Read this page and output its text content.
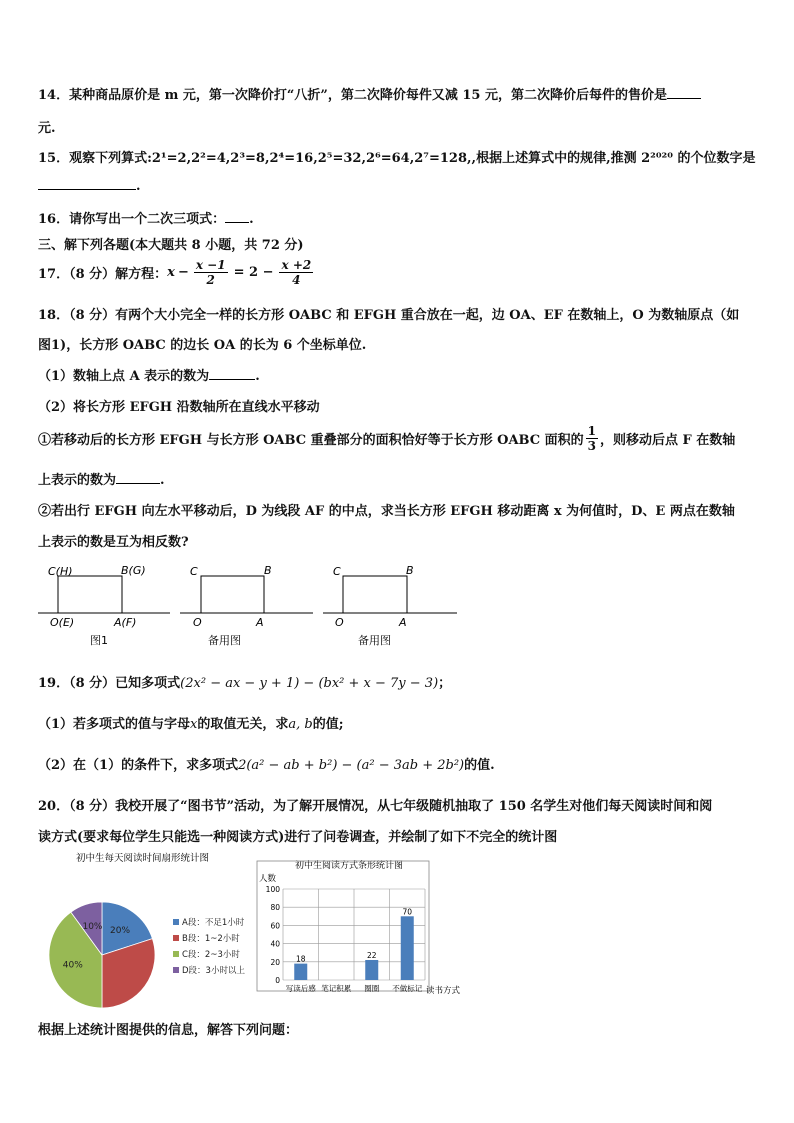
14．某种商品原价是 m 元，第一次降价打“八折”，第二次降价每件又减 15 元，第二次降价后每件的售价是
元.
15．观察下列算式:2¹=2,2²=4,2³=8,2⁴=16,2⁵=32,2⁶=64,2⁷=128,,根据上述算式中的规律,推测 2²⁰²⁰ 的个位数字是
.
16．请你写出一个二次三项式： .
三、解下列各题(本大题共 8 小题，共 72 分)
17．（8 分）解方程： $x - \frac{x -1}{2} = 2 - \frac{x +2}{4}$
18．（8 分）有两个大小完全一样的长方形 OABC 和 EFGH 重合放在一起，边 OA、EF 在数轴上，O 为数轴原点（如
图1)，长方形 OABC 的边长 OA 的长为 6 个坐标单位.
（1）数轴上点 A 表示的数为	.
（2）将长方形 EFGH 沿数轴所在直线水平移动
①若移动后的长方形 EFGH 与长方形 OABC 重叠部分的面积恰好等于长方形 OABC 面积的 $\frac{1}{3}$ ，则移动后点 F 在数轴
上表示的数为	.
②若出行 EFGH 向左水平移动后，D 为线段 AF 的中点，求当长方形 EFGH 移动距离 x 为何值时，D、E 两点在数轴
上表示的数是互为相反数?
C(H)	B(G)
O(E)	A(F)
图1
C	B
O	A
备用图
C	B
O	A
备用图
19．（8 分）已知多项式(2x² − ax − y + 1) − (bx² + x − 7y − 3)；
（1）若多项式的值与字母x的取值无关，求a, b的值;
（2）在（1）的条件下，求多项式2(a² − ab + b²) − (a² − 3ab + 2b²)的值.
20．（8 分）我校开展了“图书节”活动，为了解开展情况，从七年级随机抽取了 150 名学生对他们每天阅读时间和阅
读方式(要求每位学生只能选一种阅读方式)进行了问卷调查，并绘制了如下不完全的统计图
初中生每天阅读时间扇形统计图
20%
40%
10%	A段：不足1小时
B段：1~2小时
C段：2~3小时
D段：3小时以上
初中生阅读方式条形统计图
人数
0
20
40
60
80
100
18
写读后感 笔记积累
22
圈圈
70
不做标记 读书方式
根据上述统计图提供的信息，解答下列问题：
